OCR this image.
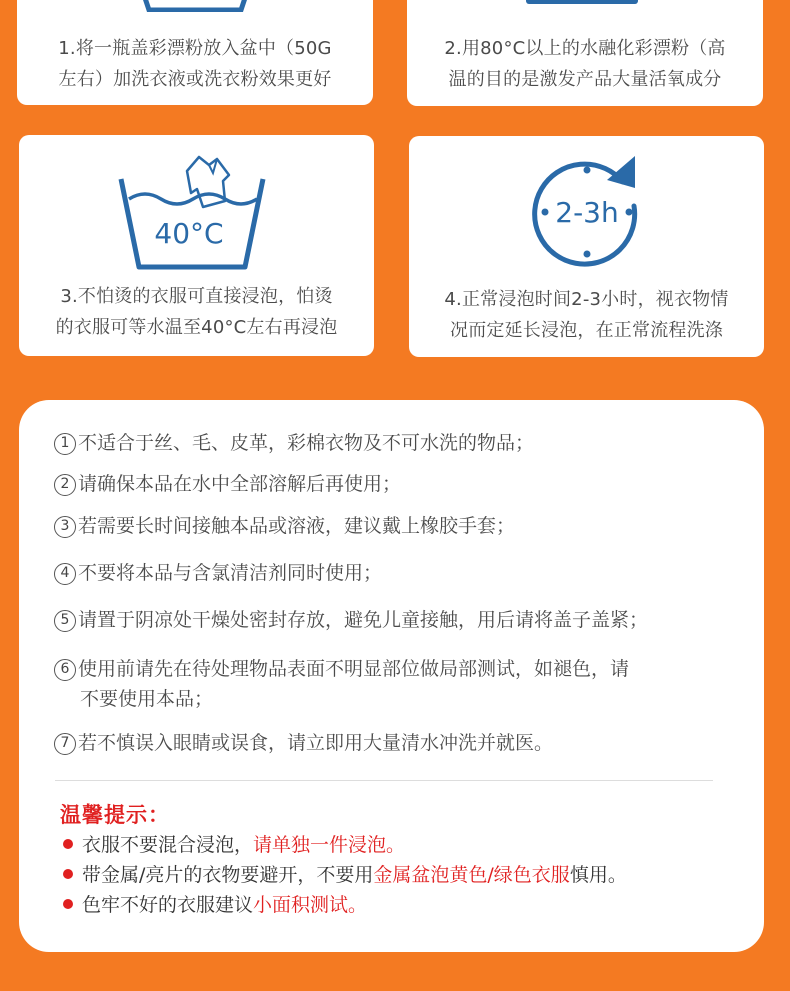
1.将一瓶盖彩漂粉放入盆中（50G
左右）加洗衣液或洗衣粉效果更好
2.用80°C以上的水融化彩漂粉（高
温的目的是激发产品大量活氧成分
40°C
3.不怕烫的衣服可直接浸泡，怕烫
的衣服可等水温至40°C左右再浸泡
2-3h
4.正常浸泡时间2-3小时，视衣物情
况而定延长浸泡，在正常流程洗涤
1 不适合于丝、毛、皮革，彩棉衣物及不可水洗的物品；
2 请确保本品在水中全部溶解后再使用；
3 若需要长时间接触本品或溶液，建议戴上橡胶手套；
4 不要将本品与含氯清洁剂同时使用；
5 请置于阴凉处干燥处密封存放，避免儿童接触，用后请将盖子盖紧；
6 使用前请先在待处理物品表面不明显部位做局部测试，如褪色，请
不要使用本品；
7 若不慎误入眼睛或误食，请立即用大量清水冲洗并就医。
温馨提示：
衣服不要混合浸泡，请单独一件浸泡。
带金属/亮片的衣物要避开，不要用金属盆泡黄色/绿色衣服慎用。
色牢不好的衣服建议小面积测试。
